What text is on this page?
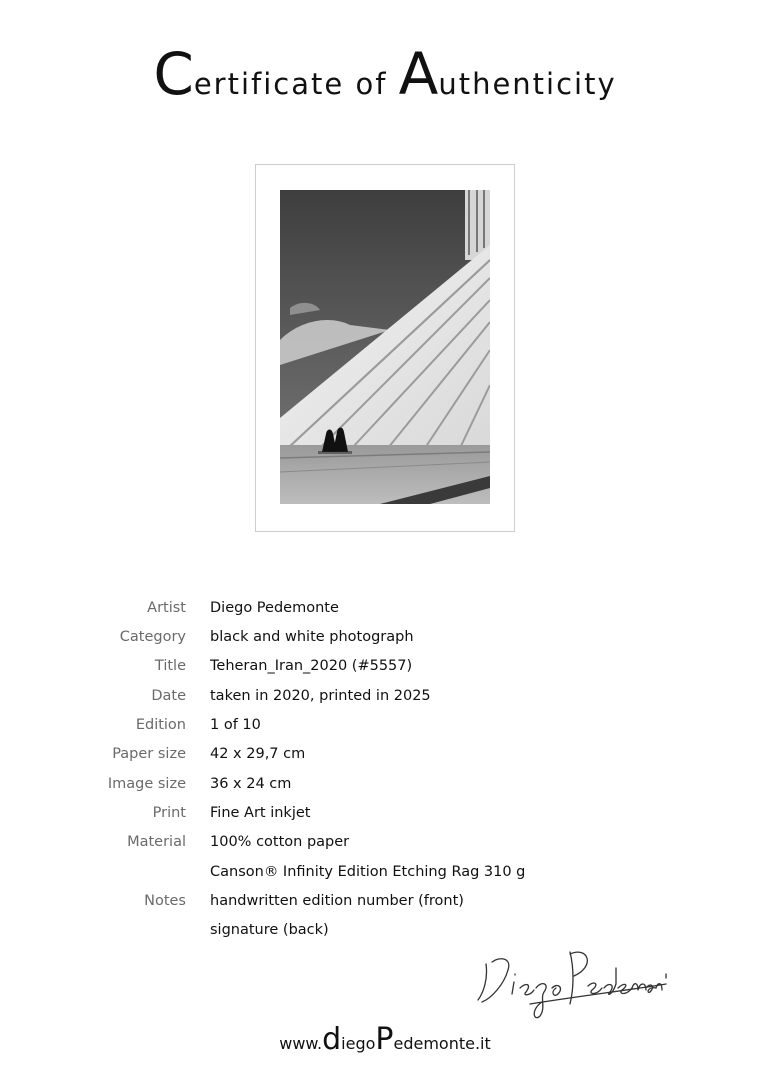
Certificate of Authenticity
Artist Diego Pedemonte
Category black and white photograph
Title Teheran_Iran_2020 (#5557)
Date taken in 2020, printed in 2025
Edition 1 of 10
Paper size 42 x 29,7 cm
Image size 36 x 24 cm
Print Fine Art inkjet
Material 100% cotton paper
Canson® Infinity Edition Etching Rag 310 g
Notes handwritten edition number (front)
signature (back)
www.diegoPedemonte.it
